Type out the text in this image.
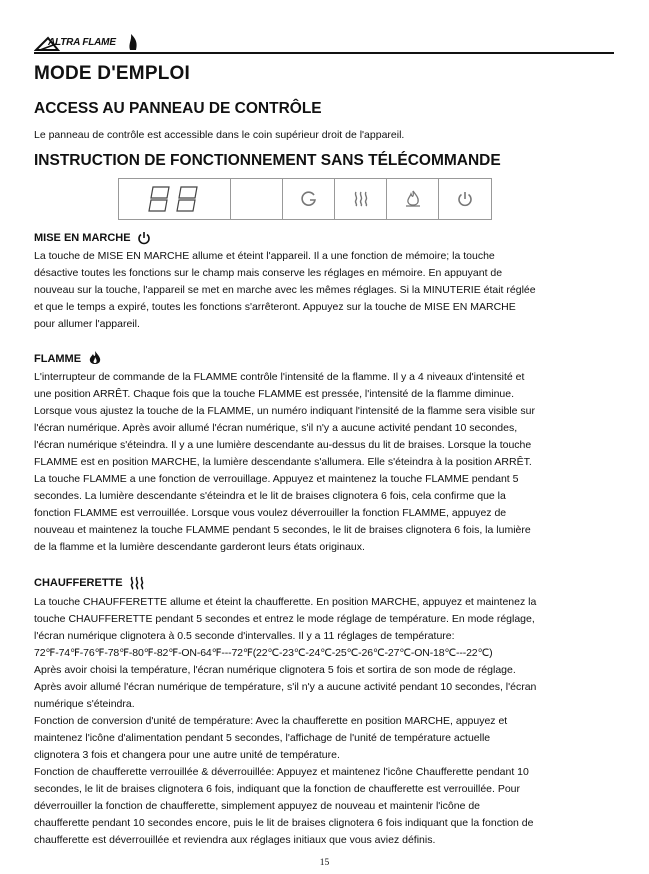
ALTRA FLAME
MODE D'EMPLOI
ACCESS AU PANNEAU DE CONTRÔLE
Le panneau de contrôle est accessible dans le coin supérieur droit de l'appareil.
INSTRUCTION DE FONCTIONNEMENT SANS TÉLÉCOMMANDE
MISE EN MARCHE
La touche de MISE EN MARCHE allume et éteint l'appareil. Il a une fonction de mémoire; la touche
désactive toutes les fonctions sur le champ mais conserve les réglages en mémoire. En appuyant de
nouveau sur la touche, l'appareil se met en marche avec les mêmes réglages. Si la MINUTERIE était réglée
et que le temps a expiré, toutes les fonctions s'arrêteront. Appuyez sur la touche de MISE EN MARCHE
pour allumer l'appareil.
FLAMME
L'interrupteur de commande de la FLAMME contrôle l'intensité de la flamme. Il y a 4 niveaux d'intensité et
une position ARRÊT. Chaque fois que la touche FLAMME est pressée, l'intensité de la flamme diminue.
Lorsque vous ajustez la touche de la FLAMME, un numéro indiquant l'intensité de la flamme sera visible sur
l'écran numérique. Après avoir allumé l'écran numérique, s'il n'y a aucune activité pendant 10 secondes,
l'écran numérique s'éteindra. Il y a une lumière descendante au-dessus du lit de braises. Lorsque la touche
FLAMME est en position MARCHE, la lumière descendante s'allumera. Elle s'éteindra à la position ARRÊT.
La touche FLAMME a une fonction de verrouillage. Appuyez et maintenez la touche FLAMME pendant 5
secondes. La lumière descendante s'éteindra et le lit de braises clignotera 6 fois, cela confirme que la
fonction FLAMME est verrouillée. Lorsque vous voulez déverrouiller la fonction FLAMME, appuyez de
nouveau et maintenez la touche FLAMME pendant 5 secondes, le lit de braises clignotera 6 fois, la lumière
de la flamme et la lumière descendante garderont leurs états originaux.
CHAUFFERETTE
La touche CHAUFFERETTE allume et éteint la chaufferette. En position MARCHE, appuyez et maintenez la
touche CHAUFFERETTE pendant 5 secondes et entrez le mode réglage de température. En mode réglage,
l'écran numérique clignotera à 0.5 seconde d'intervalles. Il y a 11 réglages de température:
72℉-74℉-76℉-78℉-80℉-82℉-ON-64℉---72℉(22℃-23℃-24℃-25℃-26℃-27℃-ON-18℃---22℃)
Après avoir choisi la température, l'écran numérique clignotera 5 fois et sortira de son mode de réglage.
Après avoir allumé l'écran numérique de température, s'il n'y a aucune activité pendant 10 secondes, l'écran
numérique s'éteindra.
Fonction de conversion d'unité de température: Avec la chaufferette en position MARCHE, appuyez et
maintenez l'icône d'alimentation pendant 5 secondes, l'affichage de l'unité de température actuelle
clignotera 3 fois et changera pour une autre unité de température.
Fonction de chaufferette verrouillée & déverrouillée: Appuyez et maintenez l'icône Chaufferette pendant 10
secondes, le lit de braises clignotera 6 fois, indiquant que la fonction de chaufferette est verrouillée. Pour
déverrouiller la fonction de chaufferette, simplement appuyez de nouveau et maintenir l'icône de
chaufferette pendant 10 secondes encore, puis le lit de braises clignotera 6 fois indiquant que la fonction de
chaufferette est déverrouillée et reviendra aux réglages initiaux que vous aviez définis.
15
